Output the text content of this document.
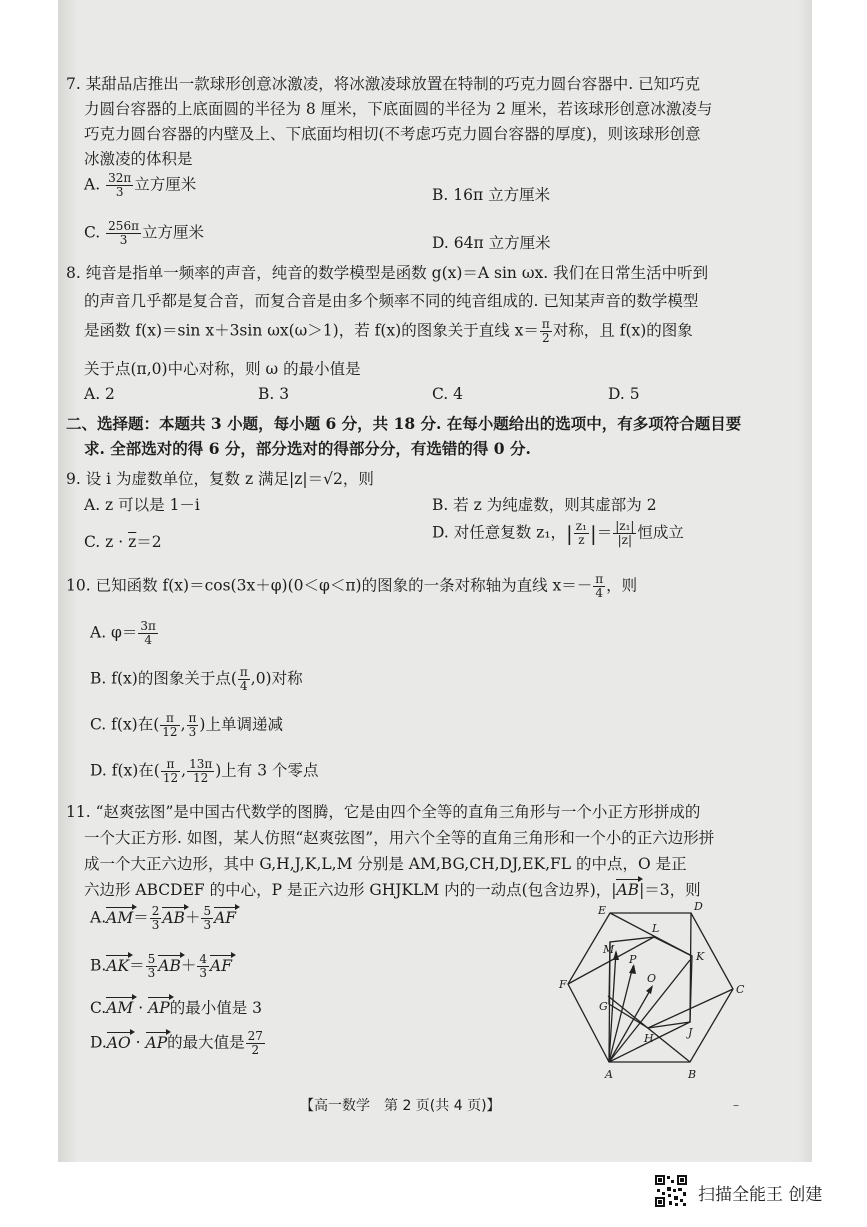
7. 某甜品店推出一款球形创意冰激凌，将冰激凌球放置在特制的巧克力圆台容器中. 已知巧克
力圆台容器的上底面圆的半径为 8 厘米，下底面圆的半径为 2 厘米，若该球形创意冰激凌与
巧克力圆台容器的内壁及上、下底面均相切(不考虑巧克力圆台容器的厚度)，则该球形创意
冰激凌的体积是
A. $\frac{32\pi}{3}$ 立方厘米
B. 16π 立方厘米
C. $\frac{256\pi}{3}$ 立方厘米
D. 64π 立方厘米
8. 纯音是指单一频率的声音，纯音的数学模型是函数 g(x)＝A sin ωx. 我们在日常生活中听到
的声音几乎都是复合音，而复合音是由多个频率不同的纯音组成的. 已知某声音的数学模型
是函数 f(x)＝sin x＋3sin ωx(ω＞1)，若 f(x)的图象关于直线 $x= \frac{\pi}{2}$ 对称，且 f(x)的图象
关于点(π,0)中心对称，则 ω 的最小值是
A. 2	B. 3	C. 4	D. 5
二、选择题：本题共 3 小题，每小题 6 分，共 18 分. 在每小题给出的选项中，有多项符合题目要
求. 全部选对的得 6 分，部分选对的得部分分，有选错的得 0 分.
9. 设 i 为虚数单位，复数 z 满足|z|＝√2，则
A. z 可以是 1－i	B. 若 z 为纯虚数，则其虚部为 2
C. $z \cdot \overline{z}=2$
D. 对任意复数 z₁，| $\frac{\text{z₁}}{z}$ |＝ $\frac{\text{|z₁|}}{|z|}$ 恒成立
10. 已知函数 f(x)＝cos(3x＋φ)(0＜φ＜π)的图象的一条对称轴为直线 $x=- \frac{\pi}{4}$ ，则
A. $\varphi= \frac{3\pi}{4}$
B. f(x)的图象关于点( $\frac{\pi}{4} ,0$)对称
C. f(x)在( $\frac{\pi}{12}$ , $\frac{\pi}{3}$ )上单调递减
D. f(x)在( $\frac{\pi}{12}$ , $\frac{13\pi}{12}$ )上有 3 个零点
11. “赵爽弦图”是中国古代数学的图腾，它是由四个全等的直角三角形与一个小正方形拼成的
一个大正方形. 如图，某人仿照“赵爽弦图”，用六个全等的直角三角形和一个小的正六边形拼
成一个大正六边形，其中 G,H,J,K,L,M 分别是 AM,BG,CH,DJ,EK,FL 的中点，O 是正
六边形 ABCDEF 的中心，P 是正六边形 GHJKLM 内的一动点(包含边界)，|AB|＝3，则
$A.AM= \frac{2}{3} AB+ \frac{5}{3}$ AF
$B.AK= \frac{5}{3} AB+ \frac{4}{3}$ AF
C.AM · AP的最小值是 3
D.AO · AP的最大值是 $\frac{27}{2}$
E	D
L
M
P
O
K
F	C
G
J
H
A	B
【高一数学　第 2 页(共 4 页)】	–
扫描全能王 创建
